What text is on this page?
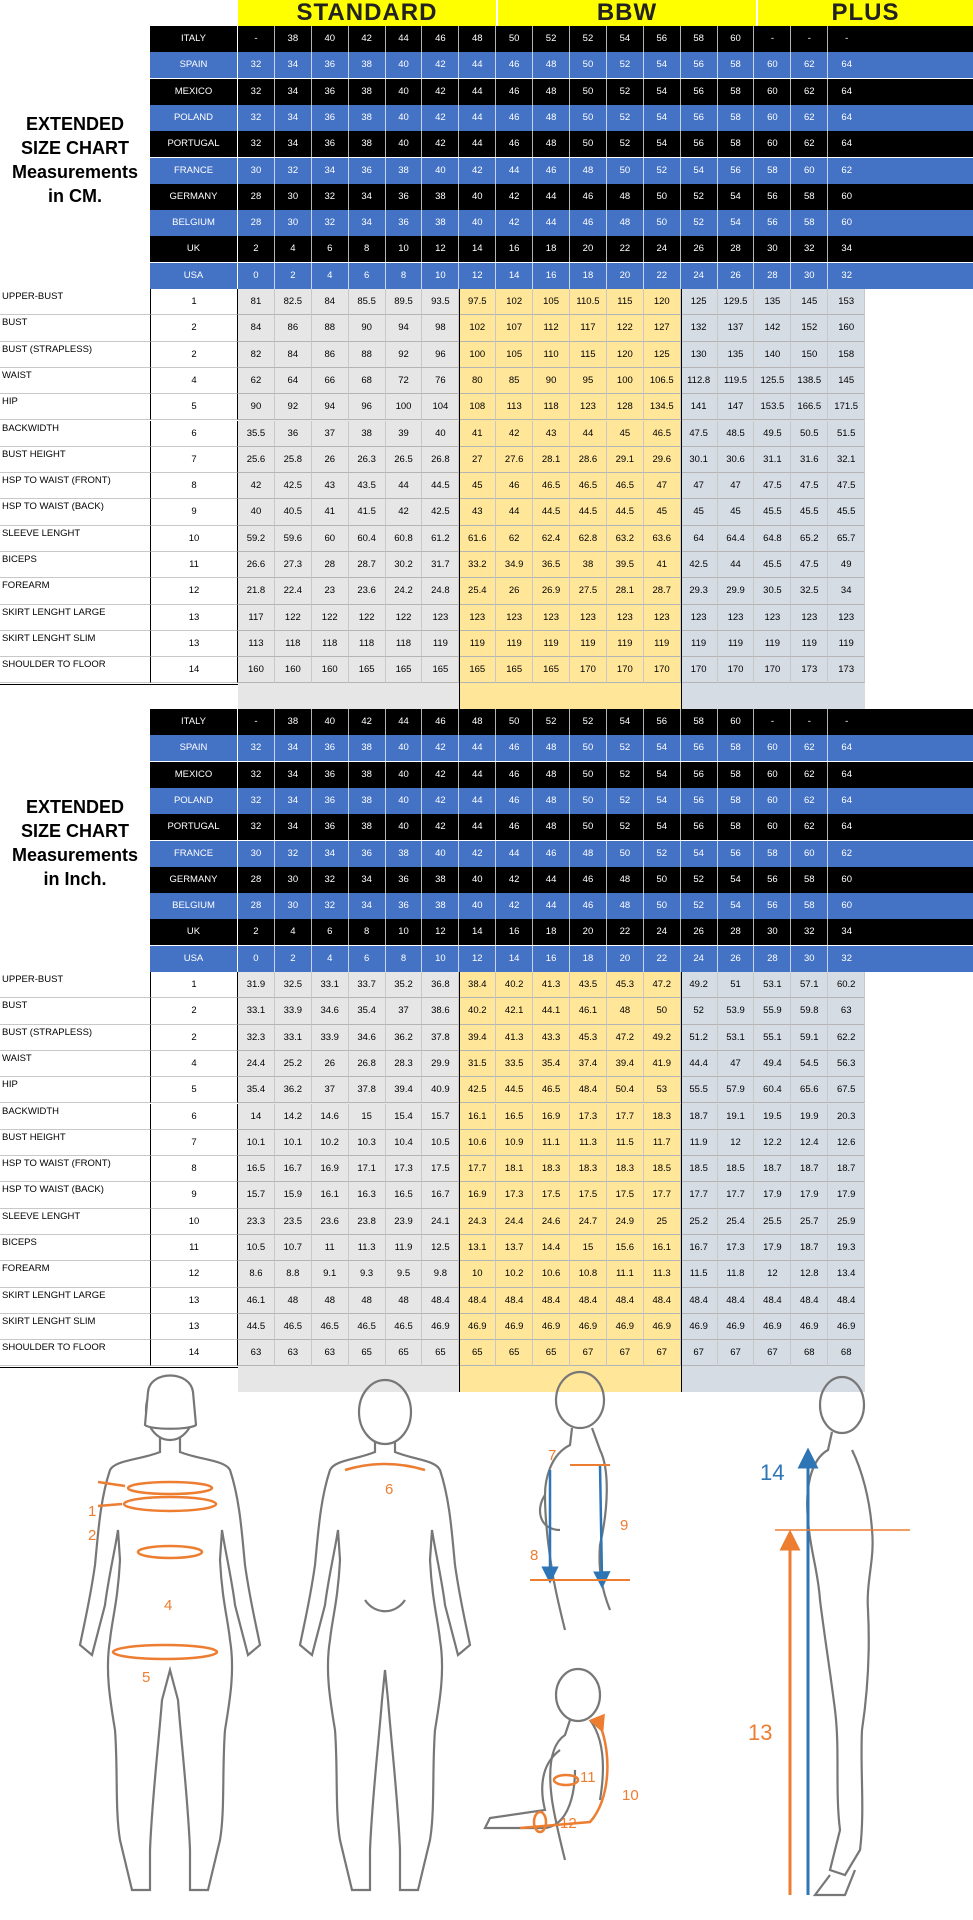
STANDARD	BBW	PLUS
EXTENDED
SIZE CHART
Measurements
in CM.
ITALY	-	38	40	42	44	46	48	50	52	52	54	56	58	60	-	-	-
SPAIN	32	34	36	38	40	42	44	46	48	50	52	54	56	58	60	62	64
MEXICO	32	34	36	38	40	42	44	46	48	50	52	54	56	58	60	62	64
POLAND	32	34	36	38	40	42	44	46	48	50	52	54	56	58	60	62	64
PORTUGAL	32	34	36	38	40	42	44	46	48	50	52	54	56	58	60	62	64
FRANCE	30	32	34	36	38	40	42	44	46	48	50	52	54	56	58	60	62
GERMANY	28	30	32	34	36	38	40	42	44	46	48	50	52	54	56	58	60
BELGIUM	28	30	32	34	36	38	40	42	44	46	48	50	52	54	56	58	60
UK	2	4	6	8	10	12	14	16	18	20	22	24	26	28	30	32	34
USA	0	2	4	6	8	10	12	14	16	18	20	22	24	26	28	30	32
UPPER-BUST	1	81	82.5	84	85.5	89.5	93.5	97.5	102	105	110.5	115	120	125	129.5	135	145	153
BUST	2	84	86	88	90	94	98	102	107	112	117	122	127	132	137	142	152	160
BUST (STRAPLESS)	2	82	84	86	88	92	96	100	105	110	115	120	125	130	135	140	150	158
WAIST	4	62	64	66	68	72	76	80	85	90	95	100	106.5	112.8	119.5	125.5	138.5	145
HIP	5	90	92	94	96	100	104	108	113	118	123	128	134.5	141	147	153.5	166.5	171.5
BACKWIDTH	6	35.5	36	37	38	39	40	41	42	43	44	45	46.5	47.5	48.5	49.5	50.5	51.5
BUST HEIGHT	7	25.6	25.8	26	26.3	26.5	26.8	27	27.6	28.1	28.6	29.1	29.6	30.1	30.6	31.1	31.6	32.1
HSP TO WAIST (FRONT)	8	42	42.5	43	43.5	44	44.5	45	46	46.5	46.5	46.5	47	47	47	47.5	47.5	47.5
HSP TO WAIST (BACK)	9	40	40.5	41	41.5	42	42.5	43	44	44.5	44.5	44.5	45	45	45	45.5	45.5	45.5
SLEEVE LENGHT	10	59.2	59.6	60	60.4	60.8	61.2	61.6	62	62.4	62.8	63.2	63.6	64	64.4	64.8	65.2	65.7
BICEPS	11	26.6	27.3	28	28.7	30.2	31.7	33.2	34.9	36.5	38	39.5	41	42.5	44	45.5	47.5	49
FOREARM	12	21.8	22.4	23	23.6	24.2	24.8	25.4	26	26.9	27.5	28.1	28.7	29.3	29.9	30.5	32.5	34
SKIRT LENGHT LARGE	13	117	122	122	122	122	123	123	123	123	123	123	123	123	123	123	123	123
SKIRT LENGHT SLIM	13	113	118	118	118	118	119	119	119	119	119	119	119	119	119	119	119	119
SHOULDER TO FLOOR	14	160	160	160	165	165	165	165	165	165	170	170	170	170	170	170	173	173
EXTENDED
SIZE CHART
Measurements
in Inch.
ITALY	-	38	40	42	44	46	48	50	52	52	54	56	58	60	-	-	-
SPAIN	32	34	36	38	40	42	44	46	48	50	52	54	56	58	60	62	64
MEXICO	32	34	36	38	40	42	44	46	48	50	52	54	56	58	60	62	64
POLAND	32	34	36	38	40	42	44	46	48	50	52	54	56	58	60	62	64
PORTUGAL	32	34	36	38	40	42	44	46	48	50	52	54	56	58	60	62	64
FRANCE	30	32	34	36	38	40	42	44	46	48	50	52	54	56	58	60	62
GERMANY	28	30	32	34	36	38	40	42	44	46	48	50	52	54	56	58	60
BELGIUM	28	30	32	34	36	38	40	42	44	46	48	50	52	54	56	58	60
UK	2	4	6	8	10	12	14	16	18	20	22	24	26	28	30	32	34
USA	0	2	4	6	8	10	12	14	16	18	20	22	24	26	28	30	32
UPPER-BUST	1	31.9	32.5	33.1	33.7	35.2	36.8	38.4	40.2	41.3	43.5	45.3	47.2	49.2	51	53.1	57.1	60.2
BUST	2	33.1	33.9	34.6	35.4	37	38.6	40.2	42.1	44.1	46.1	48	50	52	53.9	55.9	59.8	63
BUST (STRAPLESS)	2	32.3	33.1	33.9	34.6	36.2	37.8	39.4	41.3	43.3	45.3	47.2	49.2	51.2	53.1	55.1	59.1	62.2
WAIST	4	24.4	25.2	26	26.8	28.3	29.9	31.5	33.5	35.4	37.4	39.4	41.9	44.4	47	49.4	54.5	56.3
HIP	5	35.4	36.2	37	37.8	39.4	40.9	42.5	44.5	46.5	48.4	50.4	53	55.5	57.9	60.4	65.6	67.5
BACKWIDTH	6	14	14.2	14.6	15	15.4	15.7	16.1	16.5	16.9	17.3	17.7	18.3	18.7	19.1	19.5	19.9	20.3
BUST HEIGHT	7	10.1	10.1	10.2	10.3	10.4	10.5	10.6	10.9	11.1	11.3	11.5	11.7	11.9	12	12.2	12.4	12.6
HSP TO WAIST (FRONT)	8	16.5	16.7	16.9	17.1	17.3	17.5	17.7	18.1	18.3	18.3	18.3	18.5	18.5	18.5	18.7	18.7	18.7
HSP TO WAIST (BACK)	9	15.7	15.9	16.1	16.3	16.5	16.7	16.9	17.3	17.5	17.5	17.5	17.7	17.7	17.7	17.9	17.9	17.9
SLEEVE LENGHT	10	23.3	23.5	23.6	23.8	23.9	24.1	24.3	24.4	24.6	24.7	24.9	25	25.2	25.4	25.5	25.7	25.9
BICEPS	11	10.5	10.7	11	11.3	11.9	12.5	13.1	13.7	14.4	15	15.6	16.1	16.7	17.3	17.9	18.7	19.3
FOREARM	12	8.6	8.8	9.1	9.3	9.5	9.8	10	10.2	10.6	10.8	11.1	11.3	11.5	11.8	12	12.8	13.4
SKIRT LENGHT LARGE	13	46.1	48	48	48	48	48.4	48.4	48.4	48.4	48.4	48.4	48.4	48.4	48.4	48.4	48.4	48.4
SKIRT LENGHT SLIM	13	44.5	46.5	46.5	46.5	46.5	46.9	46.9	46.9	46.9	46.9	46.9	46.9	46.9	46.9	46.9	46.9	46.9
SHOULDER TO FLOOR	14	63	63	63	65	65	65	65	65	65	67	67	67	67	67	67	68	68
1
2
4
5
6
7
8
9
10
11
12
14
13
